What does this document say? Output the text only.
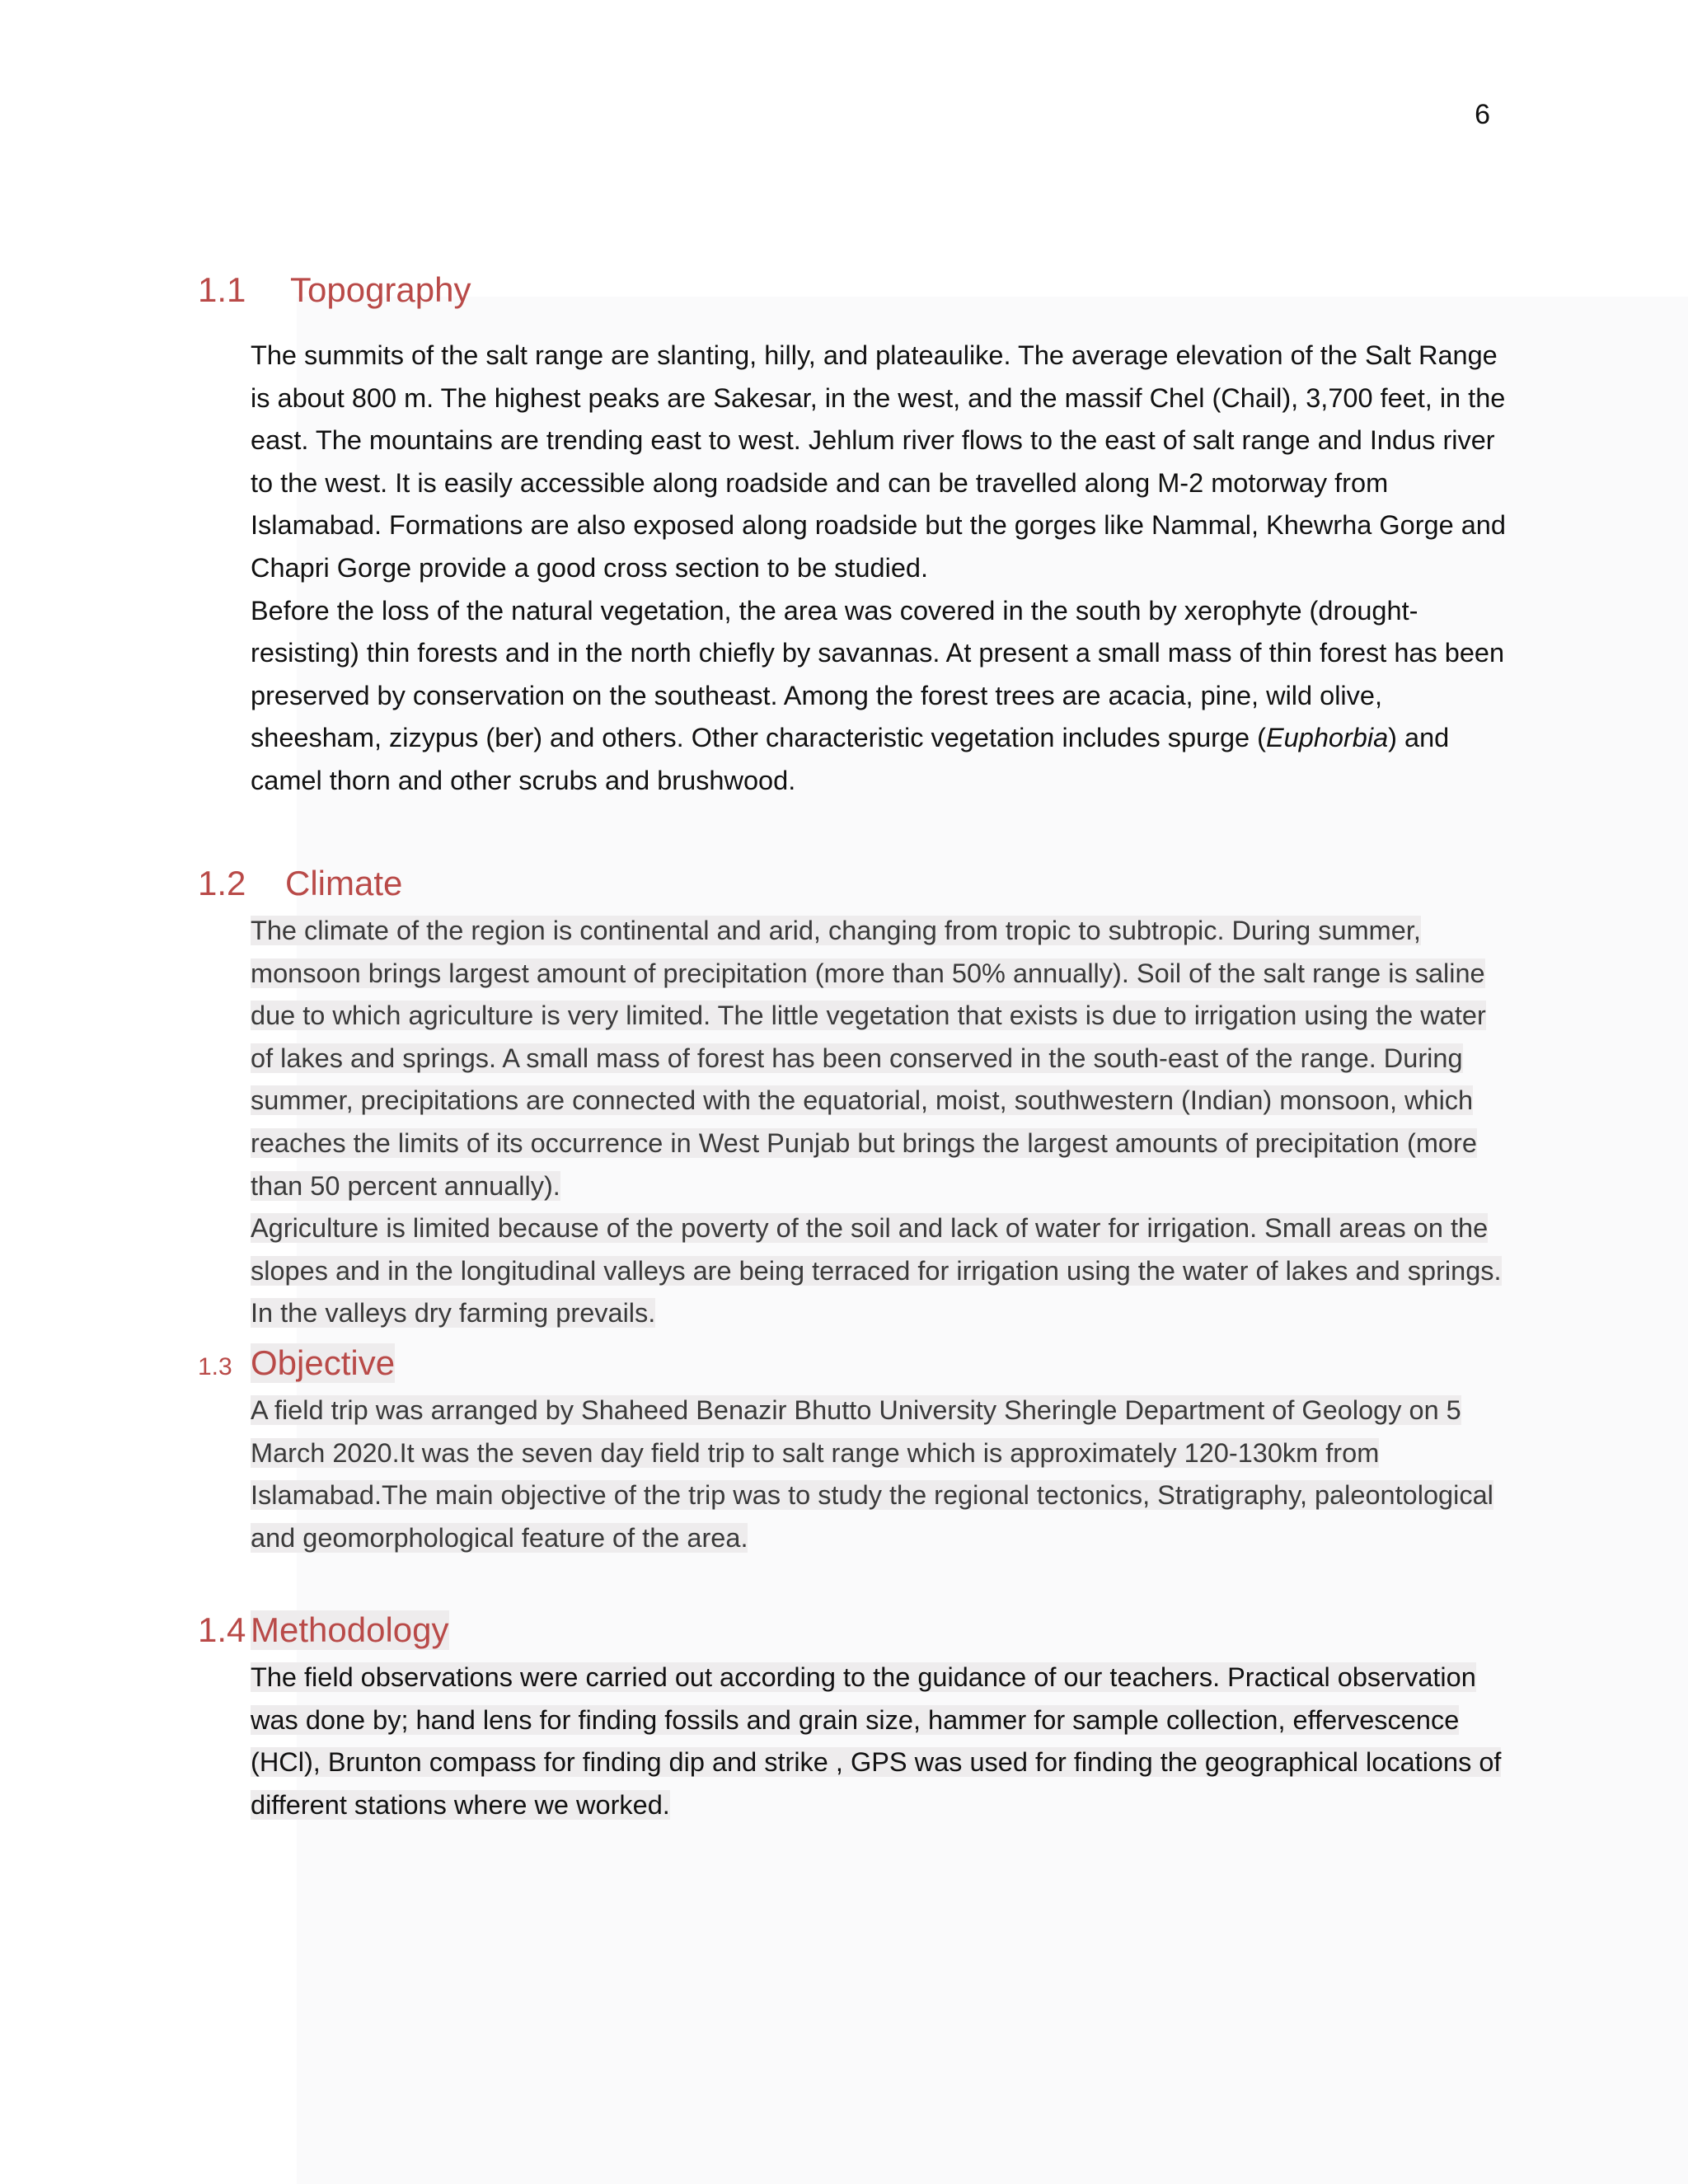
6
1.1	Topography

The summits of the salt range are slanting, hilly, and plateaulike. The average elevation of the Salt Range is about 800 m. The highest peaks are Sakesar, in the west, and the massif Chel (Chail), 3,700 feet, in the east. The mountains are trending east to west. Jehlum river flows to the east of salt range and Indus river to the west. It is easily accessible along roadside and can be travelled along M-2 motorway from Islamabad. Formations are also exposed along roadside but the gorges like Nammal, Khewrha Gorge and Chapri Gorge provide a good cross section to be studied.

Before the loss of the natural vegetation, the area was covered in the south by xerophyte (drought-resisting) thin forests and in the north chiefly by savannas. At present a small mass of thin forest has been preserved by conservation on the southeast. Among the forest trees are acacia, pine, wild olive, sheesham, zizypus (ber) and others. Other characteristic vegetation includes spurge (Euphorbia) and camel thorn and other scrubs and brushwood.

1.2	Climate

The climate of the region is continental and arid, changing from tropic to subtropic. During summer, monsoon brings largest amount of precipitation (more than 50% annually). Soil of the salt range is saline due to which agriculture is very limited. The little vegetation that exists is due to irrigation using the water of lakes and springs. A small mass of forest has been conserved in the south-east of the range. During summer, precipitations are connected with the equatorial, moist, southwestern (Indian) monsoon, which reaches the limits of its occurrence in West Punjab but brings the largest amounts of precipitation (more than 50 percent annually).

Agriculture is limited because of the poverty of the soil and lack of water for irrigation. Small areas on the slopes and in the longitudinal valleys are being terraced for irrigation using the water of lakes and springs. In the valleys dry farming prevails.

1.3 Objective

A field trip was arranged by Shaheed Benazir Bhutto University Sheringle Department of Geology on 5 March 2020.It was the seven day field trip to salt range which is approximately 120-130km from Islamabad.The main objective of the trip was to study the regional tectonics, Stratigraphy, paleontological and geomorphological feature of the area.

1.4 Methodology

The field observations were carried out according to the guidance of our teachers. Practical observation was done by; hand lens for finding fossils and grain size, hammer for sample collection, effervescence (HCl), Brunton compass for finding dip and strike , GPS was used for finding the geographical locations of different stations where we worked.
